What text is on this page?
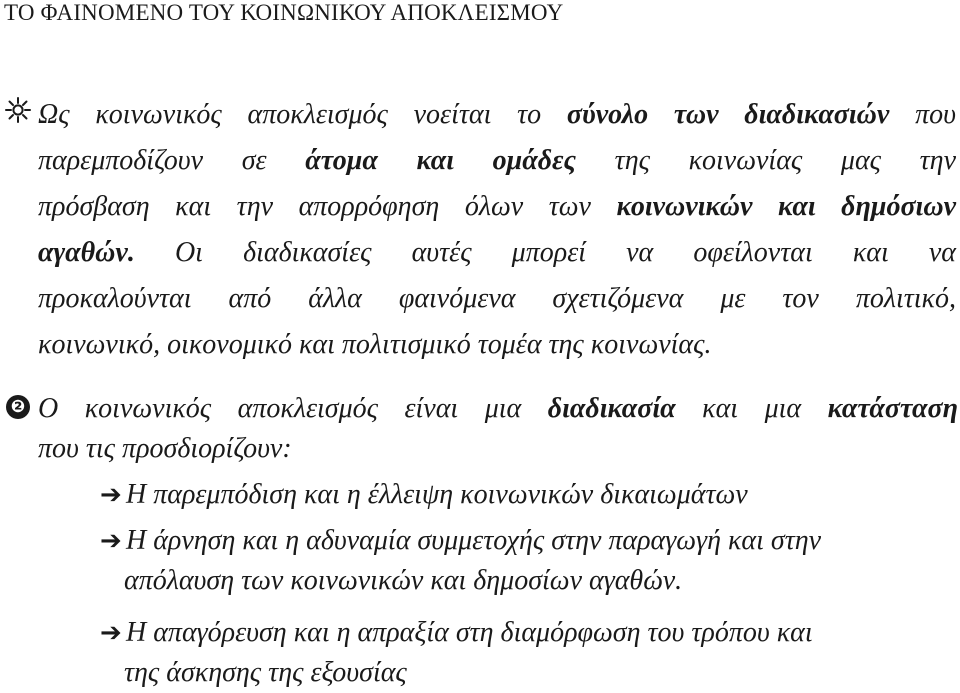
ΤΟ ΦΑΙΝΟΜΕΝΟ ΤΟΥ ΚΟΙΝΩΝΙΚΟΥ ΑΠΟΚΛΕΙΣΜΟΥ
Ως κοινωνικός αποκλεισμός νοείται το σύνολο των διαδικασιών που
παρεμποδίζουν σε άτομα και ομάδες της κοινωνίας μας την
πρόσβαση και την απορρόφηση όλων των κοινωνικών και δημόσιων
αγαθών. Οι διαδικασίες αυτές μπορεί να οφείλονται και να
προκαλούνται από άλλα φαινόμενα σχετιζόμενα με τον πολιτικό,
κοινωνικό, οικονομικό και πολιτισμικό τομέα της κοινωνίας.
❷ Ο κοινωνικός αποκλεισμός είναι μια διαδικασία και μια κατάσταση
που τις προσδιορίζουν:
➔ Η παρεμπόδιση και η έλλειψη κοινωνικών δικαιωμάτων
➔ Η άρνηση και η αδυναμία συμμετοχής στην παραγωγή και στην
απόλαυση των κοινωνικών και δημοσίων αγαθών.
➔ Η απαγόρευση και η απραξία στη διαμόρφωση του τρόπου και
της άσκησης της εξουσίας
